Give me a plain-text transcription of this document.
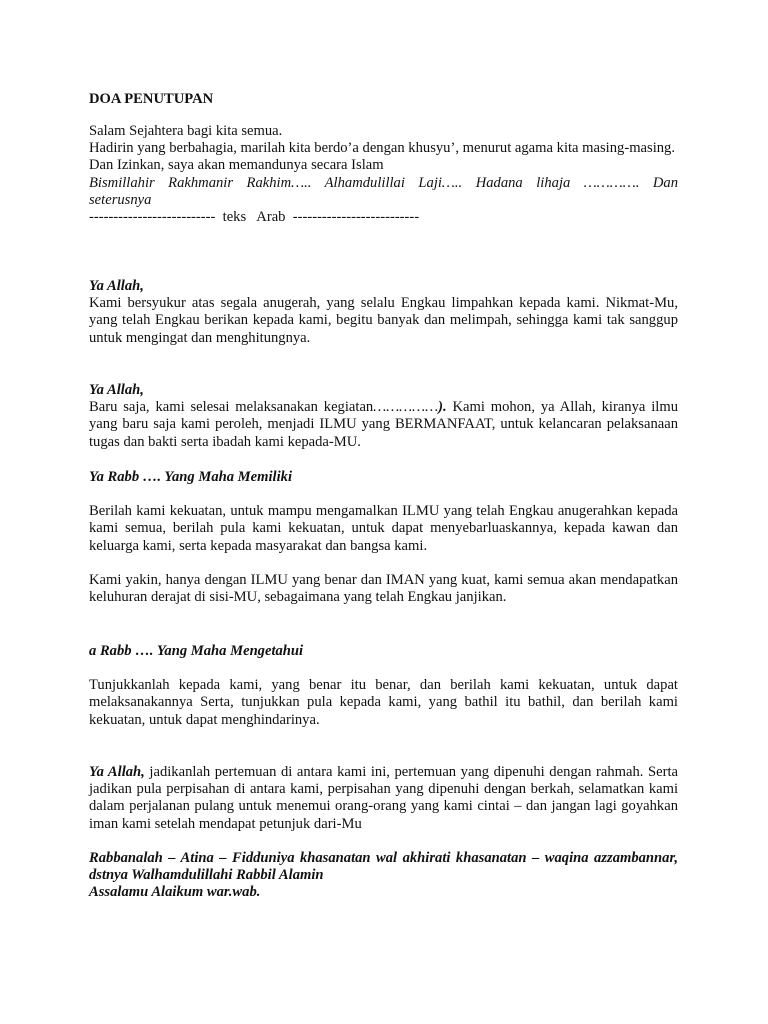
DOA PENUTUPAN

Salam Sejahtera bagi kita semua.

Hadirin yang berbahagia, marilah kita berdo’a dengan khusyu’, menurut agama kita masing-masing.

Dan Izinkan, saya akan memandunya secara Islam

Bismillahir Rakhmanir Rakhim….. Alhamdulillai Laji….. Hadana lihaja …………. Dan

seterusnya

--------------------------  teks   Arab  --------------------------

Ya Allah,

Kami bersyukur atas segala anugerah, yang selalu Engkau limpahkan kepada kami. Nikmat-Mu, yang telah Engkau berikan kepada kami, begitu banyak dan melimpah, sehingga kami tak sanggup untuk mengingat dan menghitungnya.

Ya Allah,

Baru saja, kami selesai melaksanakan kegiatan……………). Kami mohon, ya Allah, kiranya ilmu yang baru saja kami peroleh, menjadi ILMU yang BERMANFAAT, untuk kelancaran pelaksanaan tugas dan bakti serta ibadah kami kepada-MU.

Ya Rabb …. Yang Maha Memiliki

Berilah kami kekuatan, untuk mampu mengamalkan ILMU yang telah Engkau anugerahkan kepada kami semua, berilah pula kami kekuatan, untuk dapat menyebarluaskannya, kepada kawan dan keluarga kami, serta kepada masyarakat dan bangsa kami.

Kami yakin, hanya dengan ILMU yang benar dan IMAN yang kuat, kami semua akan mendapatkan keluhuran derajat di sisi-MU, sebagaimana yang telah Engkau janjikan.

a Rabb …. Yang Maha Mengetahui

Tunjukkanlah kepada kami, yang benar itu benar, dan berilah kami kekuatan, untuk dapat melaksanakannya Serta, tunjukkan pula kepada kami, yang bathil itu bathil, dan berilah kami kekuatan, untuk dapat menghindarinya.

Ya Allah, jadikanlah pertemuan di antara kami ini, pertemuan yang dipenuhi dengan rahmah. Serta jadikan pula perpisahan di antara kami, perpisahan yang dipenuhi dengan berkah, selamatkan kami dalam perjalanan pulang untuk menemui orang-orang yang kami cintai – dan jangan lagi goyahkan iman kami setelah mendapat petunjuk dari-Mu

Rabbanalah – Atina – Fidduniya khasanatan wal akhirati khasanatan – waqina azzambannar, dstnya Walhamdulillahi Rabbil Alamin

Assalamu Alaikum war.wab.
